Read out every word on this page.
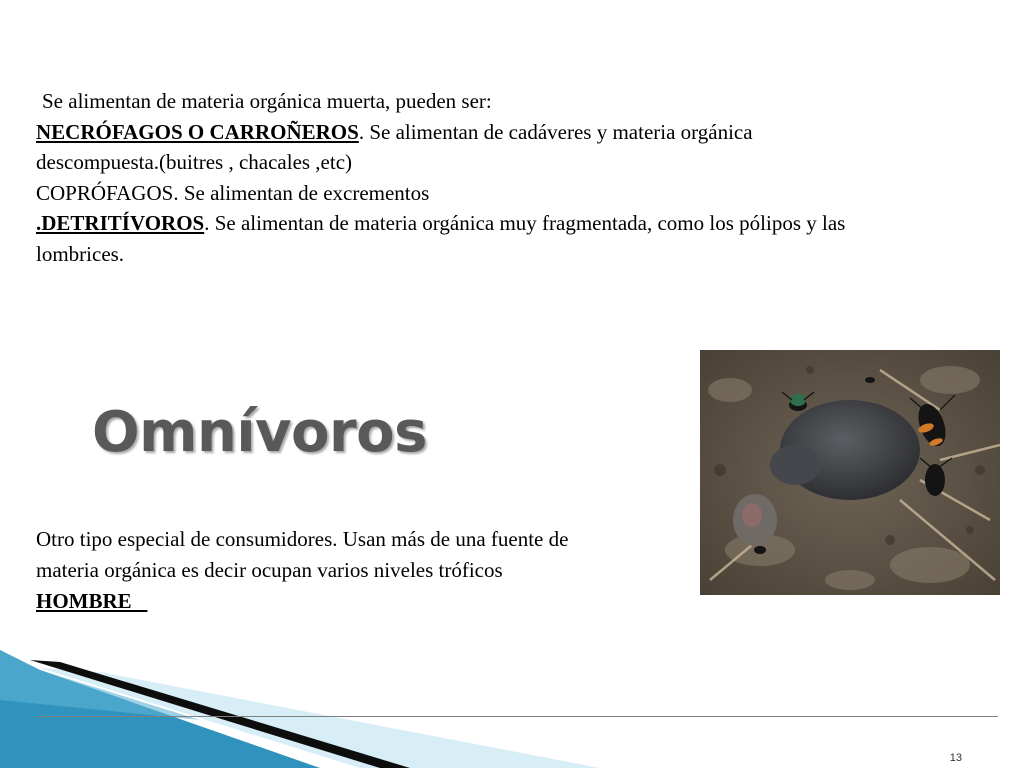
Se alimentan de materia orgánica muerta, pueden ser:

NECRÓFAGOS O CARROÑEROS. Se alimentan de cadáveres y materia orgánica descompuesta.(buitres , chacales ,etc)

COPRÓFAGOS. Se alimentan de excrementos

.DETRITÍVOROS. Se alimentan de materia orgánica muy fragmentada, como los pólipos y las lombrices.

Omnívoros

Otro tipo especial de consumidores. Usan más de una fuente de materia orgánica es decir ocupan varios niveles tróficos HOMBRE

13
